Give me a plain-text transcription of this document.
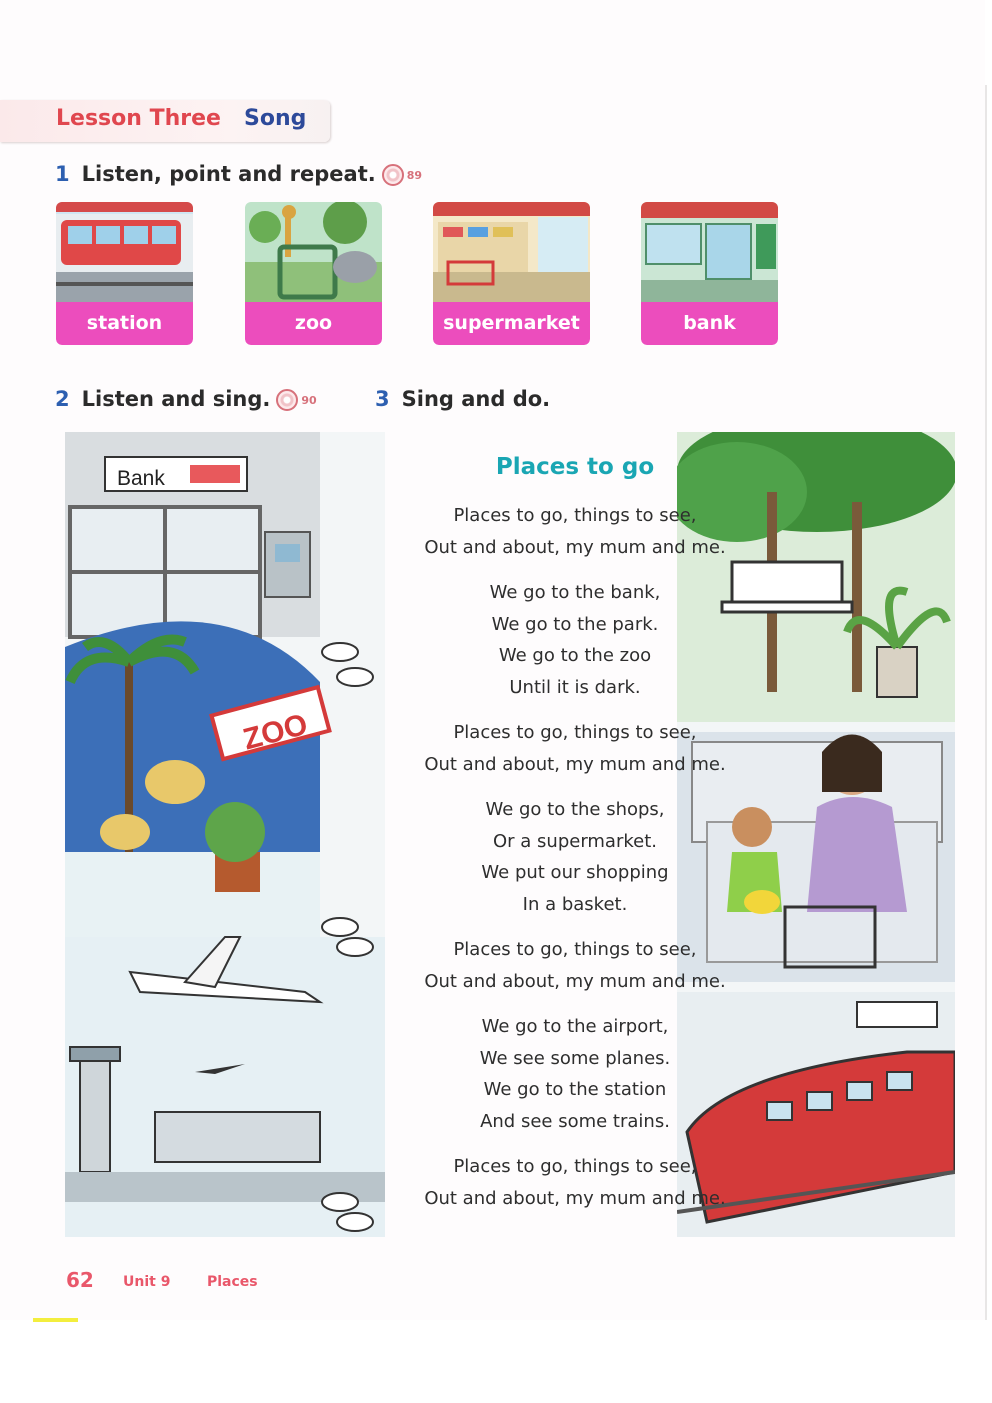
Lesson Three Song
1 Listen, point and repeat.	89
station	zoo	supermarket	bank
2 Listen and sing.	90	3 Sing and do.
Bank
ZOO
Places to go
Places to go, things to see,
Out and about, my mum and me.
We go to the bank,
We go to the park.
We go to the zoo
Until it is dark.
Places to go, things to see,
Out and about, my mum and me.
We go to the shops,
Or a supermarket.
We put our shopping
In a basket.
Places to go, things to see,
Out and about, my mum and me.
We go to the airport,
We see some planes.
We go to the station
And see some trains.
Places to go, things to see,
Out and about, my mum and me.
62 Unit 9	Places
